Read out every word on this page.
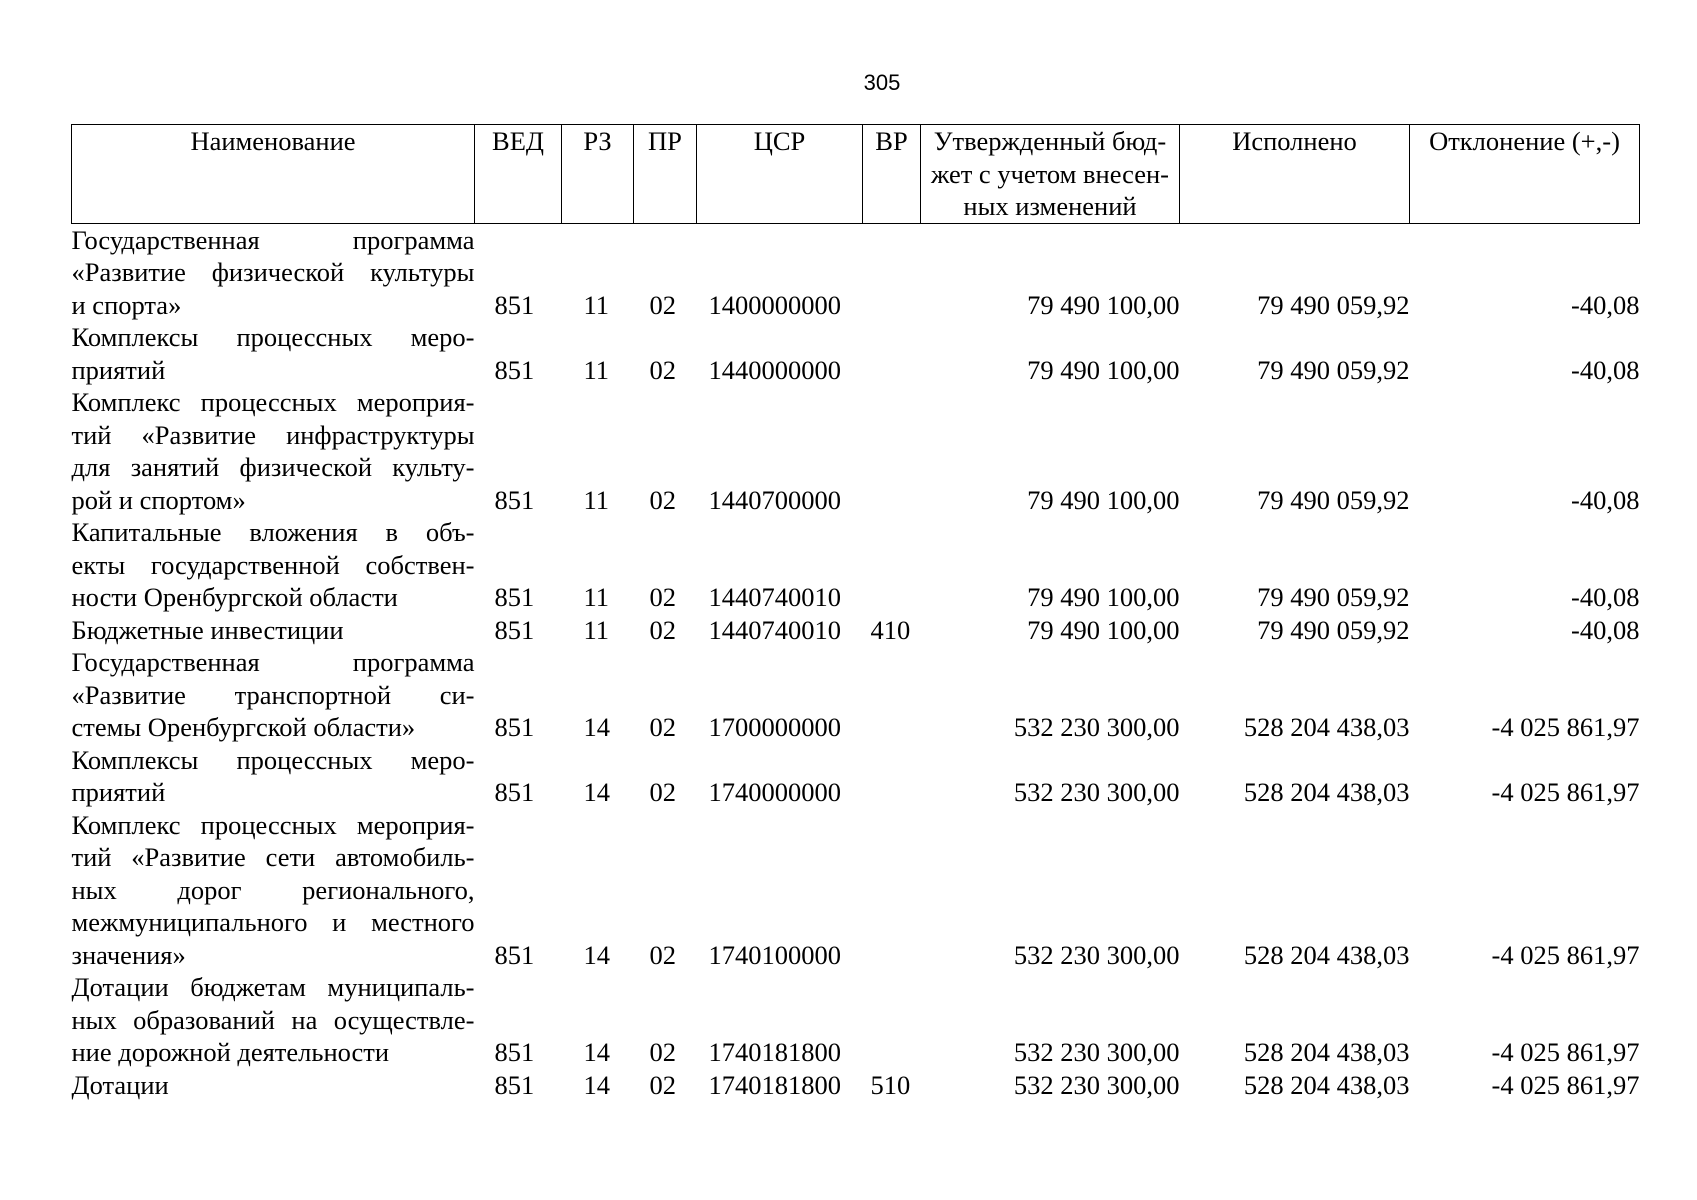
305
Наименование	ВЕД	РЗ	ПР	ЦСР	ВР	Утвержденный бюд-
жет с учетом внесен-
ных изменений	Исполнено	Отклонение (+,-)

Государственная программа
«Развитие физической культуры
и спорта»	851	11	02	1400000000		79 490 100,00	79 490 059,92	-40,08

Комплексы процессных меро-
приятий	851	11	02	1440000000		79 490 100,00	79 490 059,92	-40,08

Комплекс процессных мероприя-
тий «Развитие инфраструктуры
для занятий физической культу-
рой и спортом»	851	11	02	1440700000		79 490 100,00	79 490 059,92	-40,08

Капитальные вложения в объ-
екты государственной собствен-
ности Оренбургской области	851	11	02	1440740010		79 490 100,00	79 490 059,92	-40,08

Бюджетные инвестиции	851	11	02	1440740010	410	79 490 100,00	79 490 059,92	-40,08

Государственная программа
«Развитие транспортной си-
стемы Оренбургской области»	851	14	02	1700000000		532 230 300,00	528 204 438,03	-4 025 861,97

Комплексы процессных меро-
приятий	851	14	02	1740000000		532 230 300,00	528 204 438,03	-4 025 861,97

Комплекс процессных мероприя-
тий «Развитие сети автомобиль-
ных дорог регионального,
межмуниципального и местного
значения»	851	14	02	1740100000		532 230 300,00	528 204 438,03	-4 025 861,97

Дотации бюджетам муниципаль-
ных образований на осуществле-
ние дорожной деятельности	851	14	02	1740181800		532 230 300,00	528 204 438,03	-4 025 861,97

Дотации	851	14	02	1740181800	510	532 230 300,00	528 204 438,03	-4 025 861,97
